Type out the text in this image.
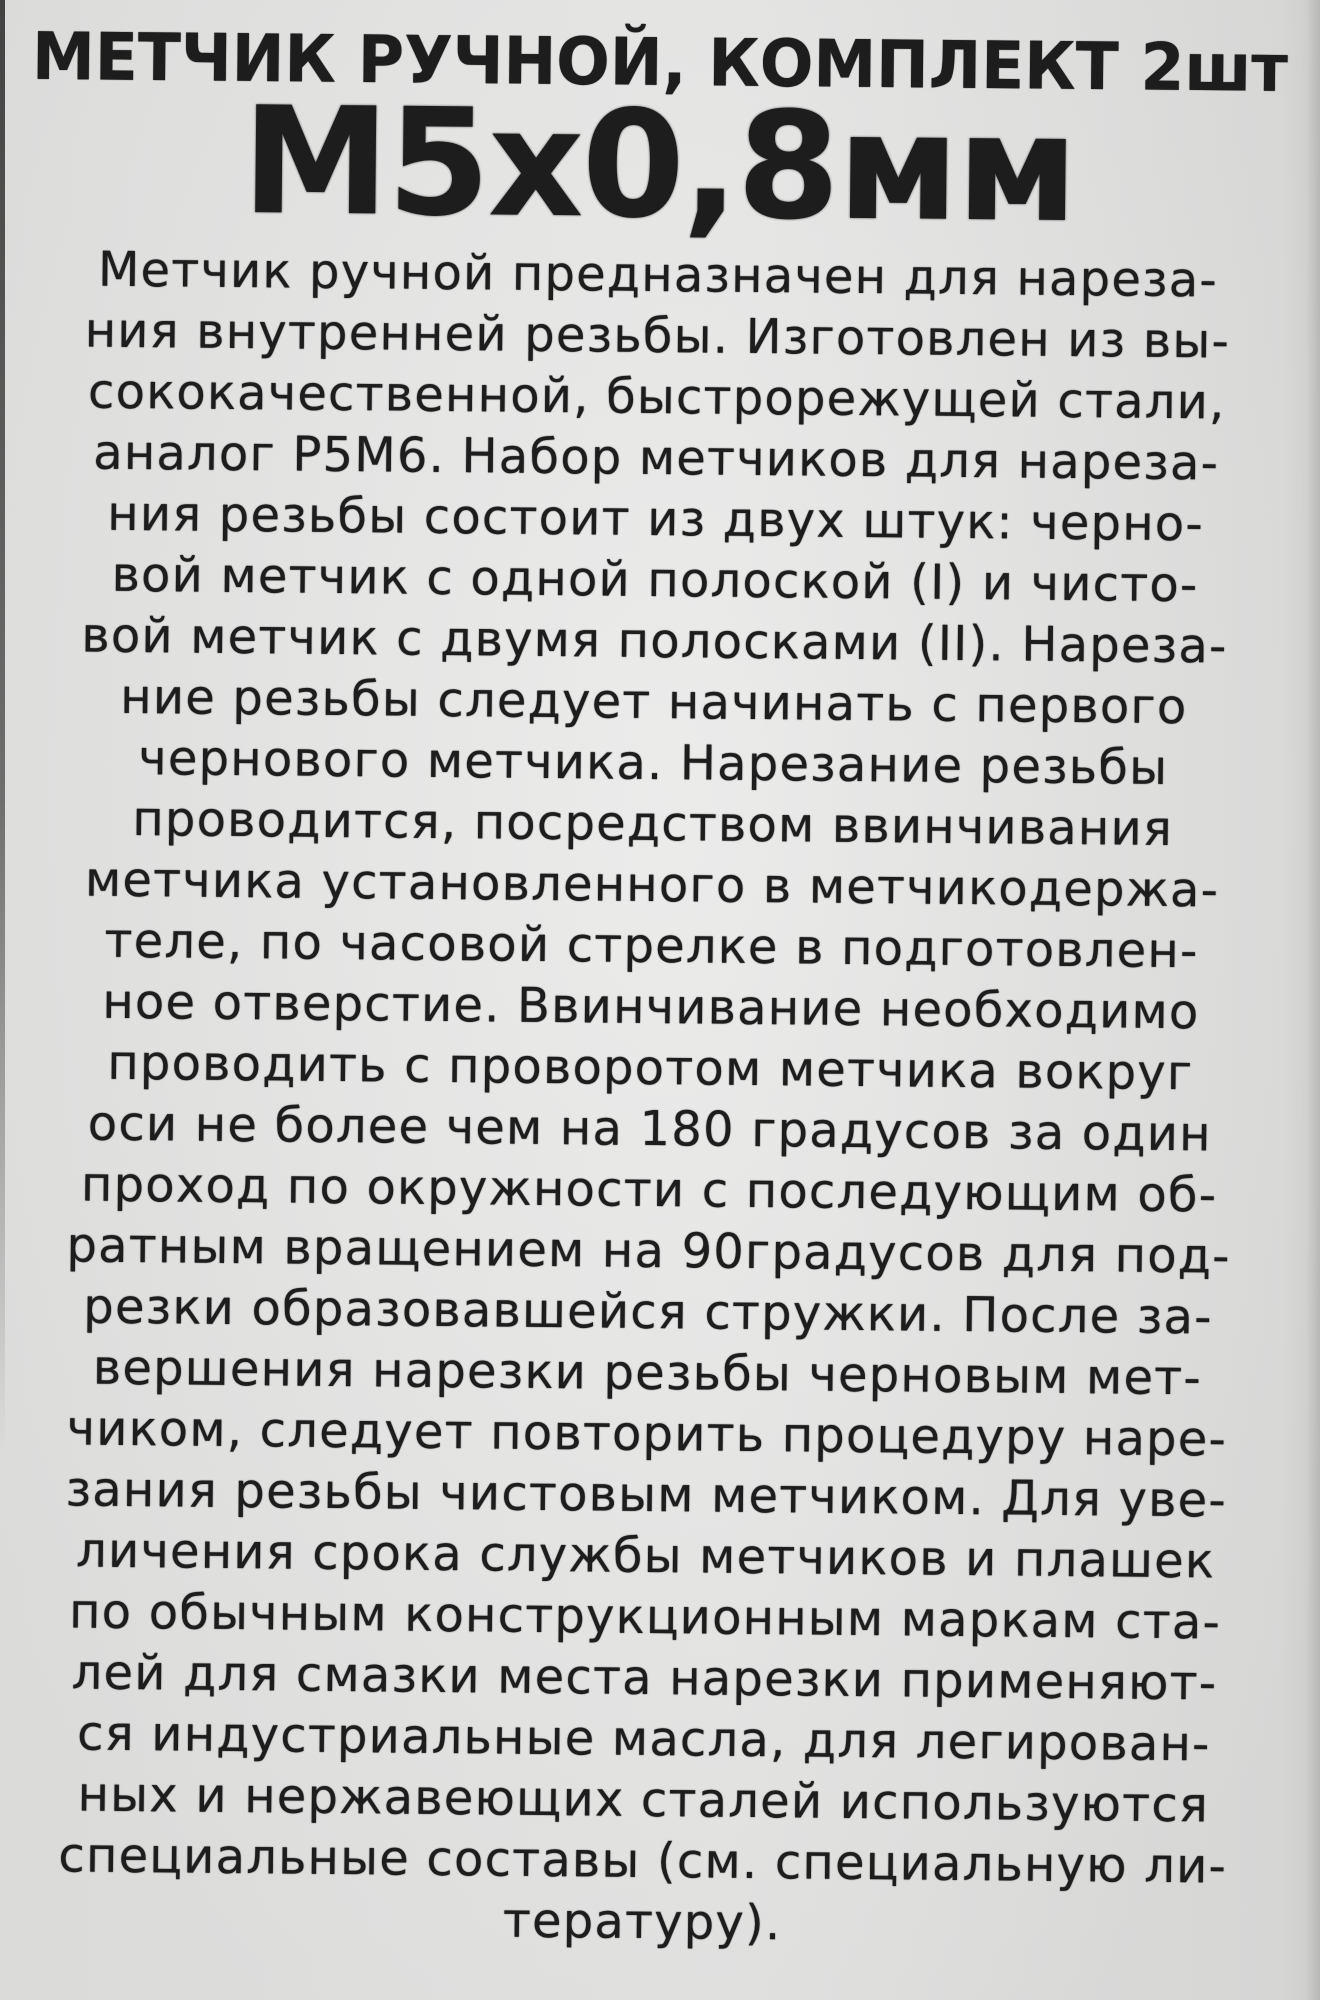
МЕТЧИК РУЧНОЙ, КОМПЛЕКТ 2шт
М5х0,8мм
Метчик ручной предназначен для нареза-
ния внутренней резьбы. Изготовлен из вы-
сококачественной, быстрорежущей стали,
аналог Р5М6. Набор метчиков для нареза-
ния резьбы состоит из двух штук: черно-
вой метчик с одной полоской (I) и чисто-
вой метчик с двумя полосками (II). Нареза-
ние резьбы следует начинать с первого
чернового метчика. Нарезание резьбы
проводится, посредством ввинчивания
метчика установленного в метчикодержа-
теле, по часовой стрелке в подготовлен-
ное отверстие. Ввинчивание необходимо
проводить с проворотом метчика вокруг
оси не более чем на 180 градусов за один
проход по окружности с последующим об-
ратным вращением на 90градусов для под-
резки образовавшейся стружки. После за-
вершения нарезки резьбы черновым мет-
чиком, следует повторить процедуру наре-
зания резьбы чистовым метчиком. Для уве-
личения срока службы метчиков и плашек
по обычным конструкционным маркам ста-
лей для смазки места нарезки применяют-
ся индустриальные масла, для легирован-
ных и нержавеющих сталей используются
специальные составы (см. специальную ли-
тературу).
